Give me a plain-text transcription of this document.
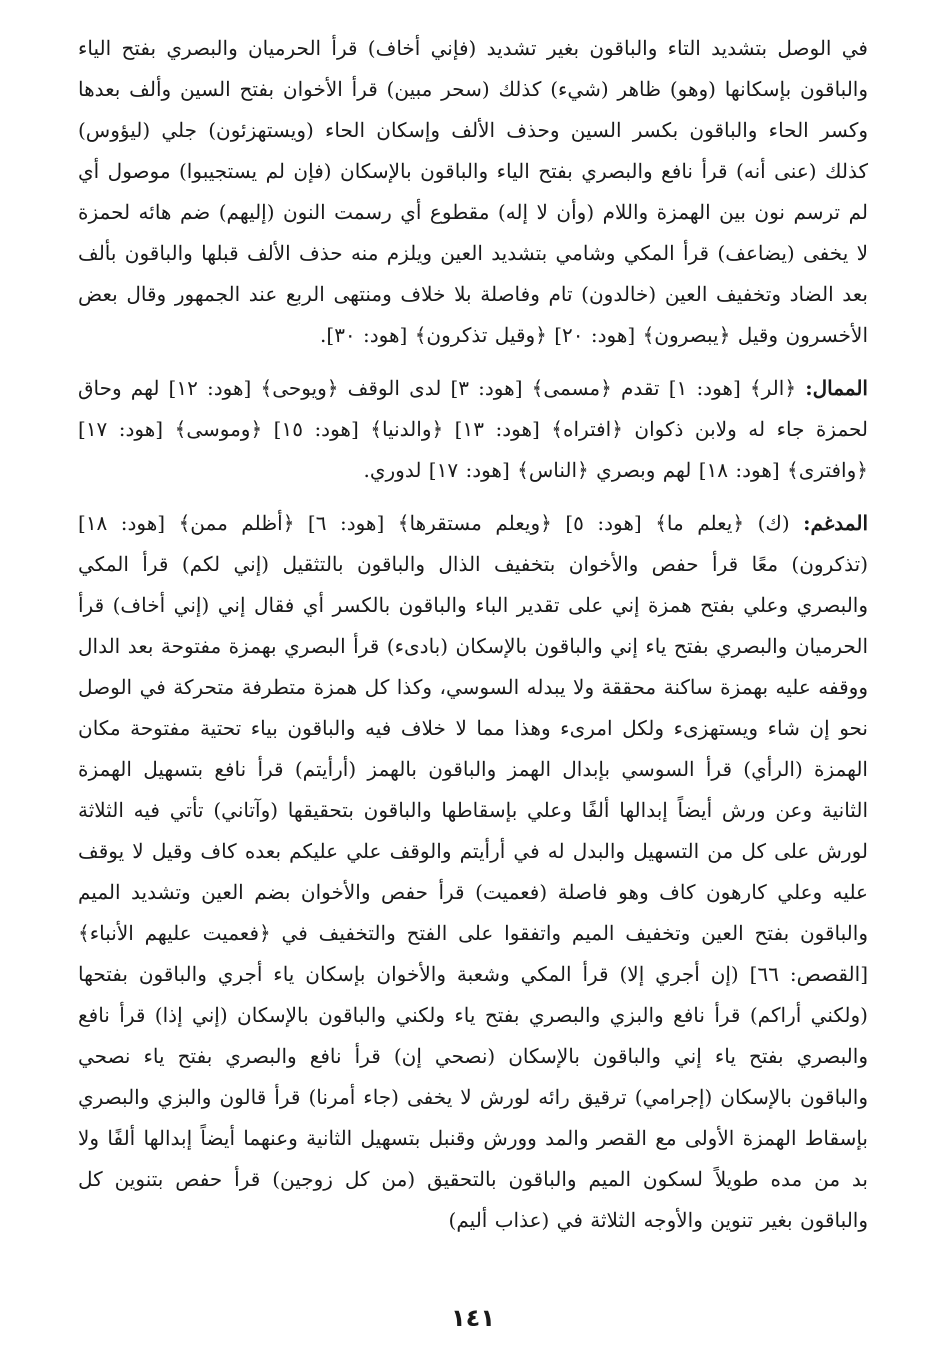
في الوصل بتشديد التاء والباقون بغير تشديد (فإني أخاف) قرأ الحرميان والبصري بفتح الياء والباقون بإسكانها (وهو) ظاهر (شيء) كذلك (سحر مبين) قرأ الأخوان بفتح السين وألف بعدها وكسر الحاء والباقون بكسر السين وحذف الألف وإسكان الحاء (ويستهزئون) جلي (ليؤوس) كذلك (عنى أنه) قرأ نافع والبصري بفتح الياء والباقون بالإسكان (فإن لم يستجيبوا) موصول أي لم ترسم نون بين الهمزة واللام (وأن لا إله) مقطوع أي رسمت النون (إليهم) ضم هائه لحمزة لا يخفى (يضاعف) قرأ المكي وشامي بتشديد العين ويلزم منه حذف الألف قبلها والباقون بألف بعد الضاد وتخفيف العين (خالدون) تام وفاصلة بلا خلاف ومنتهى الربع عند الجمهور وقال بعض الأخسرون وقيل ﴿يبصرون﴾ [هود: ٢٠] ﴿وقيل تذكرون﴾ [هود: ٣٠].

الممال: ﴿الر﴾ [هود: ١] تقدم ﴿مسمى﴾ [هود: ٣] لدى الوقف ﴿ويوحى﴾ [هود: ١٢] لهم وحاق لحمزة جاء له ولابن ذكوان ﴿افتراه﴾ [هود: ١٣] ﴿والدنيا﴾ [هود: ١٥] ﴿وموسى﴾ [هود: ١٧] ﴿وافترى﴾ [هود: ١٨] لهم وبصري ﴿الناس﴾ [هود: ١٧] لدوري.

المدغم: (ك) ﴿يعلم ما﴾ [هود: ٥] ﴿ويعلم مستقرها﴾ [هود: ٦] ﴿أظلم ممن﴾ [هود: ١٨] (تذكرون) معًا قرأ حفص والأخوان بتخفيف الذال والباقون بالتثقيل (إني لكم) قرأ المكي والبصري وعلي بفتح همزة إني على تقدير الباء والباقون بالكسر أي فقال إني (إني أخاف) قرأ الحرميان والبصري بفتح ياء إني والباقون بالإسكان (بادىء) قرأ البصري بهمزة مفتوحة بعد الدال ووقفه عليه بهمزة ساكنة محققة ولا يبدله السوسي، وكذا كل همزة متطرفة متحركة في الوصل نحو إن شاء ويستهزىء ولكل امرىء وهذا مما لا خلاف فيه والباقون بياء تحتية مفتوحة مكان الهمزة (الرأي) قرأ السوسي بإبدال الهمز والباقون بالهمز (أرأيتم) قرأ نافع بتسهيل الهمزة الثانية وعن ورش أيضاً إبدالها ألفًا وعلي بإسقاطها والباقون بتحقيقها (وآتاني) تأتي فيه الثلاثة لورش على كل من التسهيل والبدل له في أرأيتم والوقف علي عليكم بعده كاف وقيل لا يوقف عليه وعلي كارهون كاف وهو فاصلة (فعميت) قرأ حفص والأخوان بضم العين وتشديد الميم والباقون بفتح العين وتخفيف الميم واتفقوا على الفتح والتخفيف في ﴿فعميت عليهم الأنباء﴾ [القصص: ٦٦] (إن أجري إلا) قرأ المكي وشعبة والأخوان بإسكان ياء أجري والباقون بفتحها (ولكني أراكم) قرأ نافع والبزي والبصري بفتح ياء ولكني والباقون بالإسكان (إني إذا) قرأ نافع والبصري بفتح ياء إني والباقون بالإسكان (نصحي إن) قرأ نافع والبصري بفتح ياء نصحي والباقون بالإسكان (إجرامي) ترقيق رائه لورش لا يخفى (جاء أمرنا) قرأ قالون والبزي والبصري بإسقاط الهمزة الأولى مع القصر والمد وورش وقنبل بتسهيل الثانية وعنهما أيضاً إبدالها ألفًا ولا بد من مده طويلاً لسكون الميم والباقون بالتحقيق (من كل زوجين) قرأ حفص بتنوين كل والباقون بغير تنوين والأوجه الثلاثة في (عذاب أليم)

١٤١
